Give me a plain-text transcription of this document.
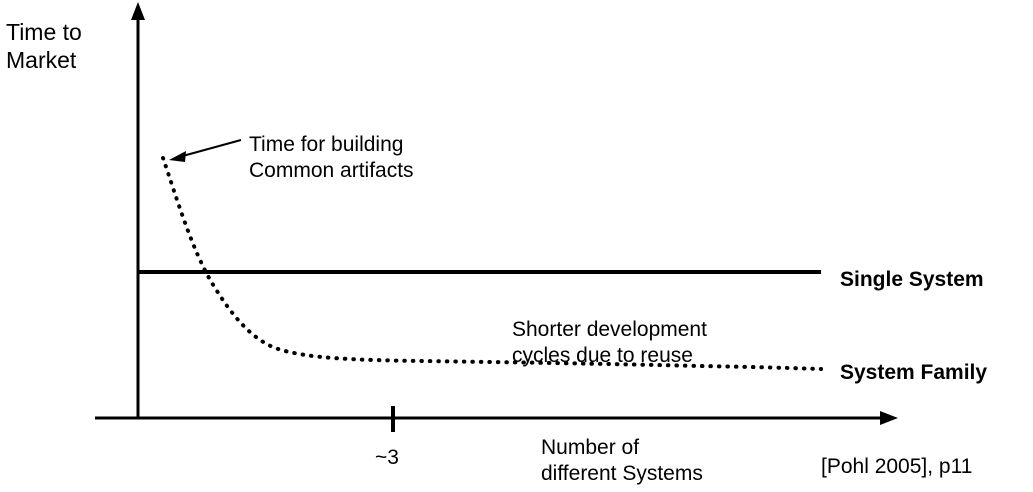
Time to
Market
Time for building
Common artifacts
Shorter development
cycles due to reuse
Single System
System Family
~3	Number of
different Systems	[Pohl 2005], p11
